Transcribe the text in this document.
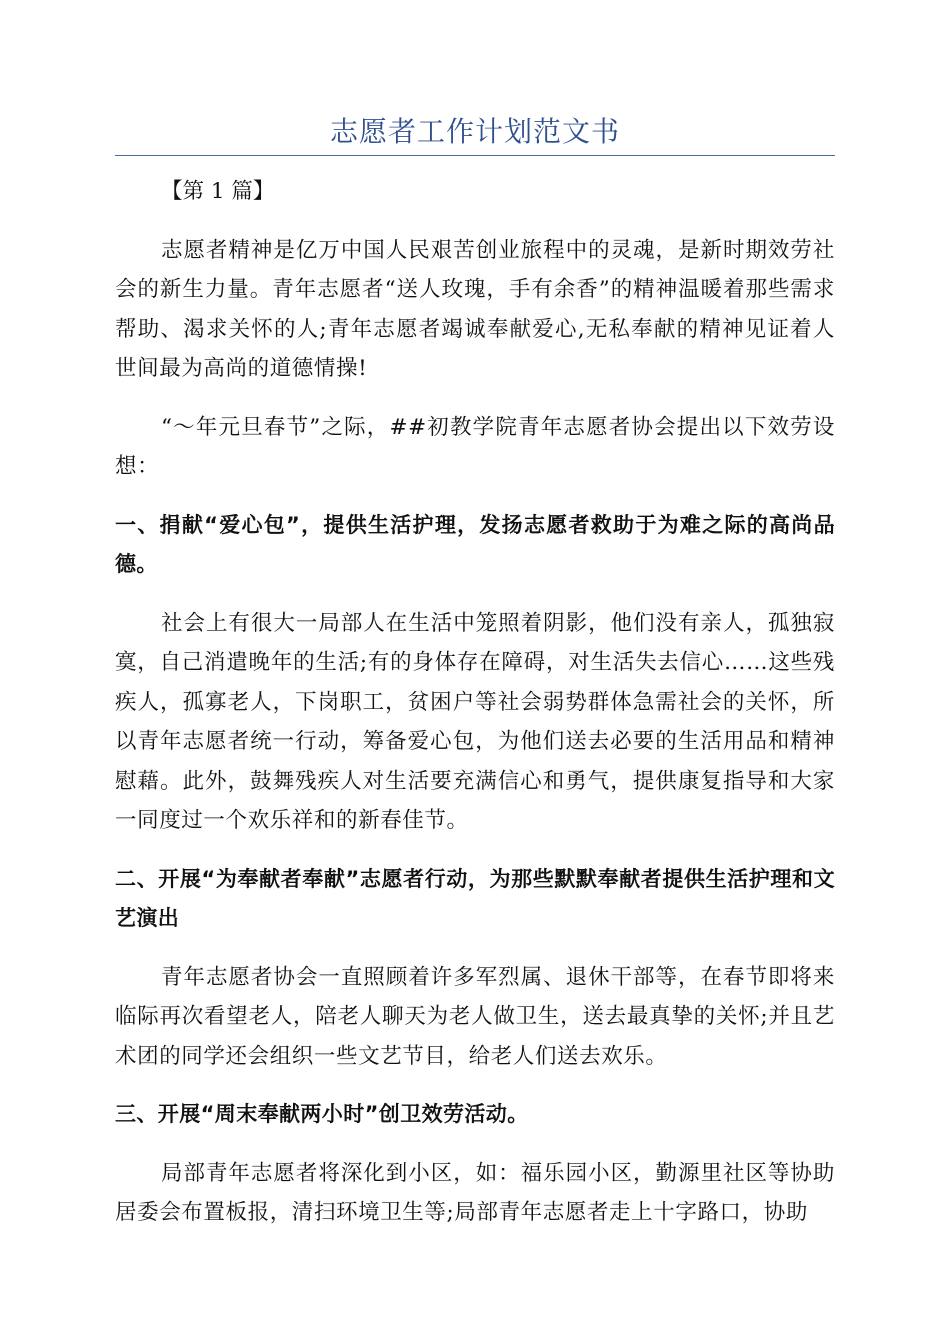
志愿者工作计划范文书

【第 1 篇】

志愿者精神是亿万中国人民艰苦创业旅程中的灵魂，是新时期效劳社会的新生力量。青年志愿者“送人玫瑰，手有余香”的精神温暖着那些需求帮助、渴求关怀的人;青年志愿者竭诚奉献爱心,无私奉献的精神见证着人世间最为高尚的道德情操!

“～年元旦春节”之际，##初教学院青年志愿者协会提出以下效劳设想：

一、捐献“爱心包”，提供生活护理，发扬志愿者救助于为难之际的高尚品德。

社会上有很大一局部人在生活中笼照着阴影，他们没有亲人，孤独寂寞，自己消遣晚年的生活;有的身体存在障碍，对生活失去信心……这些残疾人，孤寡老人，下岗职工，贫困户等社会弱势群体急需社会的关怀，所以青年志愿者统一行动，筹备爱心包，为他们送去必要的生活用品和精神慰藉。此外，鼓舞残疾人对生活要充满信心和勇气，提供康复指导和大家一同度过一个欢乐祥和的新春佳节。

二、开展“为奉献者奉献”志愿者行动，为那些默默奉献者提供生活护理和文艺演出

青年志愿者协会一直照顾着许多军烈属、退休干部等，在春节即将来临际再次看望老人，陪老人聊天为老人做卫生，送去最真挚的关怀;并且艺术团的同学还会组织一些文艺节目，给老人们送去欢乐。

三、开展“周末奉献两小时”创卫效劳活动。

局部青年志愿者将深化到小区，如：福乐园小区，勤源里社区等协助居委会布置板报，清扫环境卫生等;局部青年志愿者走上十字路口，协助
